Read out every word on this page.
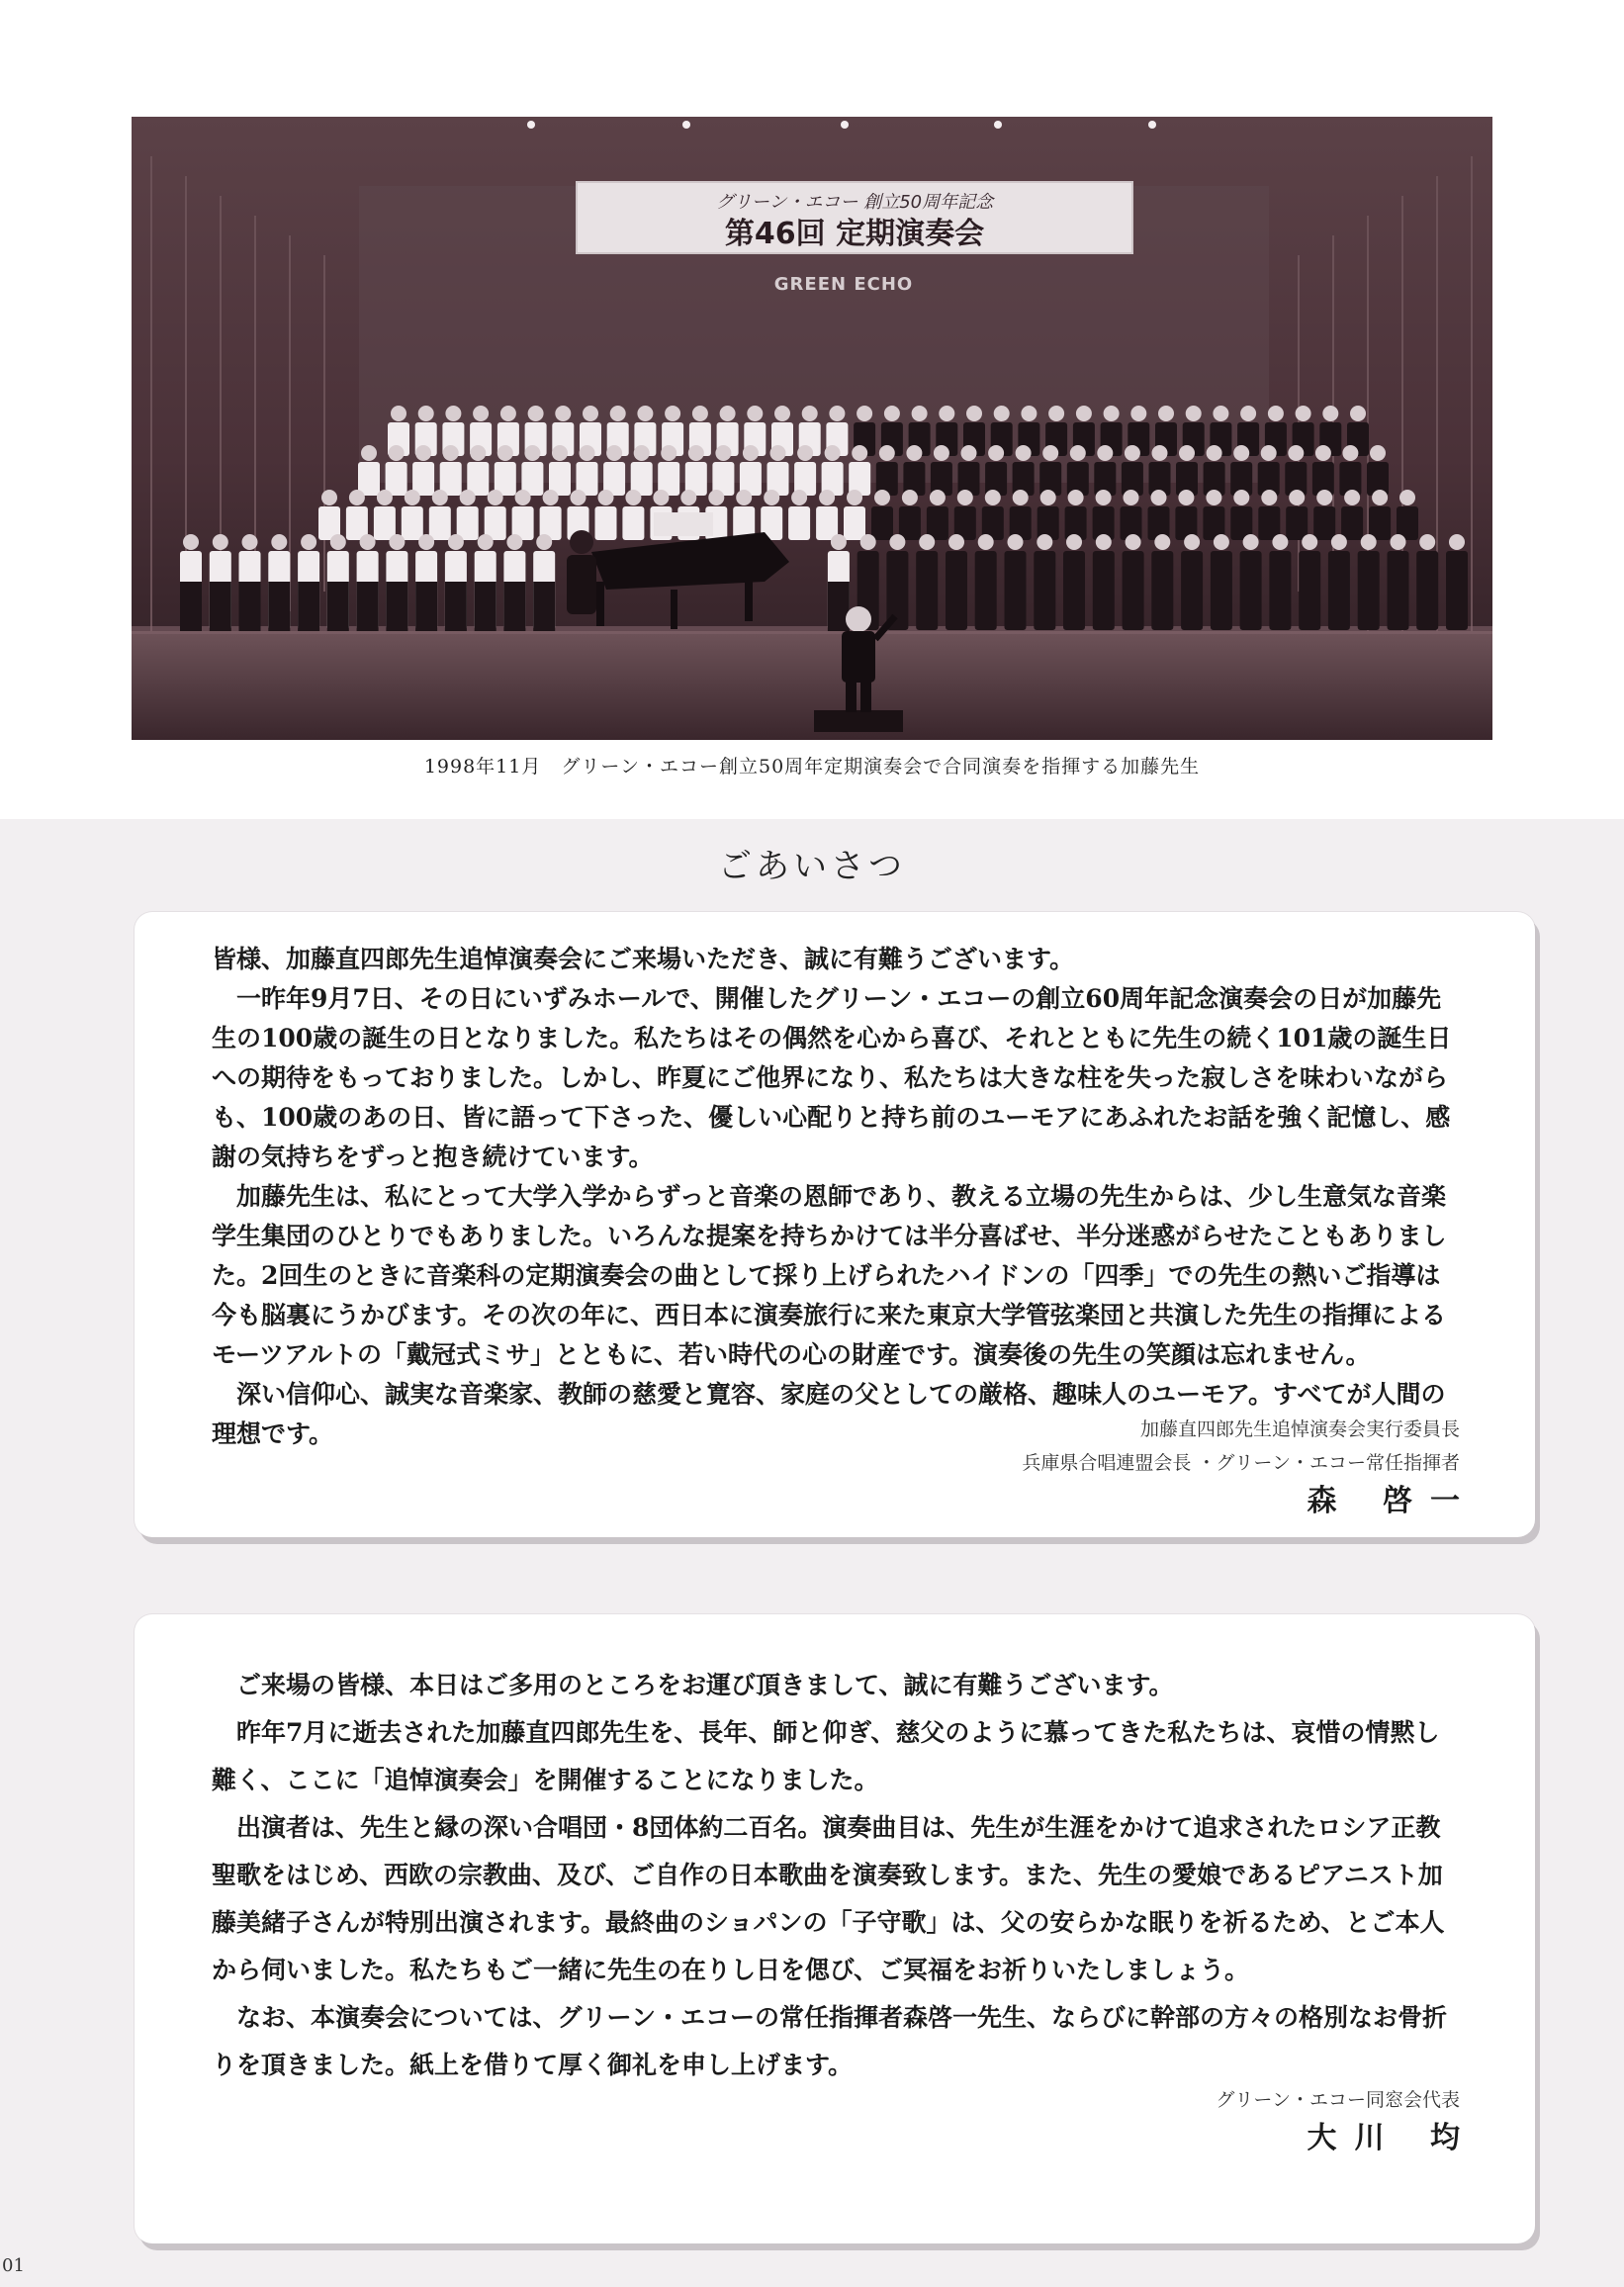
グリーン・エコー 創立50周年記念
第46回 定期演奏会
GREEN ECHO
1998年11月　グリーン・エコー創立50周年定期演奏会で合同演奏を指揮する加藤先生
ごあいさつ

皆様、加藤直四郎先生追悼演奏会にご来場いただき、誠に有難うございます。

一昨年9月7日、その日にいずみホールで、開催したグリーン・エコーの創立60周年記念演奏会の日が加藤先生の100歳の誕生の日となりました。私たちはその偶然を心から喜び、それとともに先生の続く101歳の誕生日への期待をもっておりました。しかし、昨夏にご他界になり、私たちは大きな柱を失った寂しさを味わいながらも、100歳のあの日、皆に語って下さった、優しい心配りと持ち前のユーモアにあふれたお話を強く記憶し、感謝の気持ちをずっと抱き続けています。

加藤先生は、私にとって大学入学からずっと音楽の恩師であり、教える立場の先生からは、少し生意気な音楽学生集団のひとりでもありました。いろんな提案を持ちかけては半分喜ばせ、半分迷惑がらせたこともありました。2回生のときに音楽科の定期演奏会の曲として採り上げられたハイドンの「四季」での先生の熱いご指導は今も脳裏にうかびます。その次の年に、西日本に演奏旅行に来た東京大学管弦楽団と共演した先生の指揮によるモーツアルトの「戴冠式ミサ」とともに、若い時代の心の財産です。演奏後の先生の笑顔は忘れません。

深い信仰心、誠実な音楽家、教師の慈愛と寛容、家庭の父としての厳格、趣味人のユーモア。すべてが人間の理想です。	加藤直四郎先生追悼演奏会実行委員長
兵庫県合唱連盟会長 ・グリーン・エコー常任指揮者
森 啓一

ご来場の皆様、本日はご多用のところをお運び頂きまして、誠に有難うございます。

昨年7月に逝去された加藤直四郎先生を、長年、師と仰ぎ、慈父のように慕ってきた私たちは、哀惜の情黙し難く、ここに「追悼演奏会」を開催することになりました。

出演者は、先生と縁の深い合唱団・8団体約二百名。演奏曲目は、先生が生涯をかけて追求されたロシア正教聖歌をはじめ、西欧の宗教曲、及び、ご自作の日本歌曲を演奏致します。また、先生の愛娘であるピアニスト加藤美緒子さんが特別出演されます。最終曲のショパンの「子守歌」は、父の安らかな眠りを祈るため、とご本人から伺いました。私たちもご一緒に先生の在りし日を偲び、ご冥福をお祈りいたしましょう。

なお、本演奏会については、グリーン・エコーの常任指揮者森啓一先生、ならびに幹部の方々の格別なお骨折りを頂きました。紙上を借りて厚く御礼を申し上げます。

グリーン・エコー同窓会代表
大川 均
01
